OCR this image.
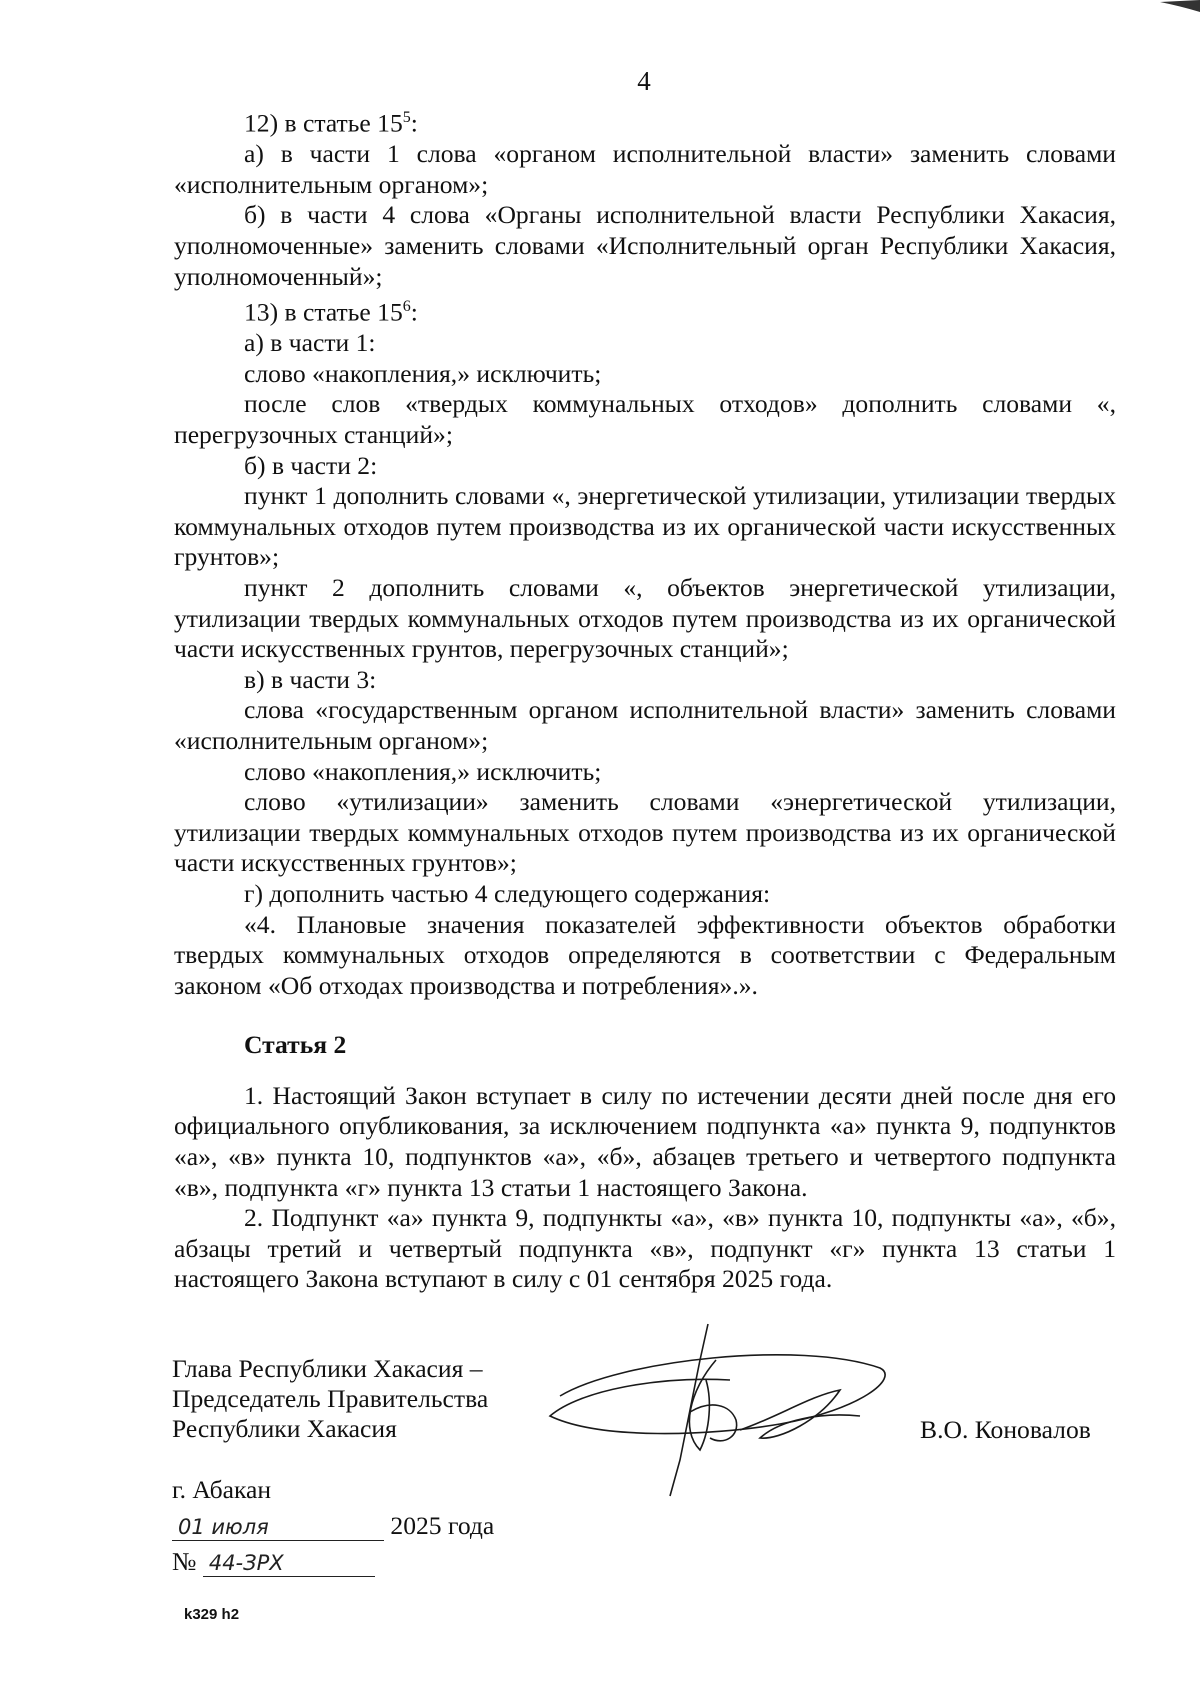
4

12) в статье $15^5$:

а) в части 1 слова «органом исполнительной власти» заменить словами «исполнительным органом»;

б) в части 4 слова «Органы исполнительной власти Республики Хакасия, уполномоченные» заменить словами «Исполнительный орган Республики Хакасия, уполномоченный»;

13) в статье $15^6$:

а) в части 1:

слово «накопления,» исключить;

после слов «твердых коммунальных отходов» дополнить словами «, перегрузочных станций»;

б) в части 2:

пункт 1 дополнить словами «, энергетической утилизации, утилизации твердых коммунальных отходов путем производства из их органической части искусственных грунтов»;

пункт 2 дополнить словами «, объектов энергетической утилизации, утилизации твердых коммунальных отходов путем производства из их органической части искусственных грунтов, перегрузочных станций»;

в) в части 3:

слова «государственным органом исполнительной власти» заменить словами «исполнительным органом»;

слово «накопления,» исключить;

слово «утилизации» заменить словами «энергетической утилизации, утилизации твердых коммунальных отходов путем производства из их органической части искусственных грунтов»;

г) дополнить частью 4 следующего содержания:

«4. Плановые значения показателей эффективности объектов обработки твердых коммунальных отходов определяются в соответствии с Федеральным законом «Об отходах производства и потребления».».

Статья 2

1. Настоящий Закон вступает в силу по истечении десяти дней после дня его официального опубликования, за исключением подпункта «а» пункта 9, подпунктов «а», «в» пункта 10, подпунктов «а», «б», абзацев третьего и четвертого подпункта «в», подпункта «г» пункта 13 статьи 1 настоящего Закона.

2. Подпункт «а» пункта 9, подпункты «а», «в» пункта 10, подпункты «а», «б», абзацы третий и четвертый подпункта «в», подпункт «г» пункта 13 статьи 1 настоящего Закона вступают в силу с 01 сентября 2025 года.

Глава Республики Хакасия –
Председатель Правительства
Республики Хакасия	В.О. Коновалов
г. Абакан
01 июля	2025 года
№ 44-ЗРХ
k329 h2
